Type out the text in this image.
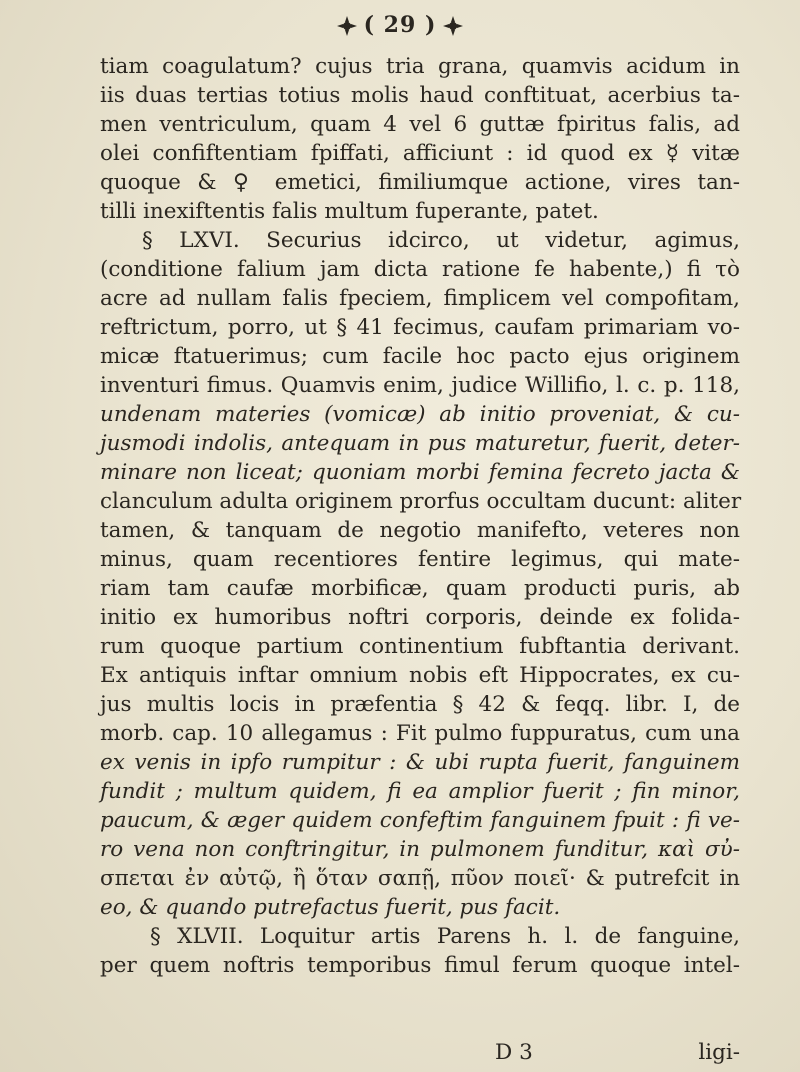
( 29 )
tiam coagulatum? cujus tria grana, quamvis acidum in
iis duas tertias totius molis haud conftituat, acerbius ta-
men ventriculum, quam 4 vel 6 guttæ fpiritus falis, ad
olei confiftentiam fpiffati, afficiunt : id quod ex ☿ vitæ
quoque & ♀ emetici, fimiliumque actione, vires tan-
tilli inexiftentis falis multum fuperante, patet.
§ LXVI. Securius idcirco, ut videtur, agimus,
(conditione falium jam dicta ratione fe habente,) fi τὸ
acre ad nullam falis fpeciem, fimplicem vel compofitam,
reftrictum, porro, ut § 41 fecimus, caufam primariam vo-
micæ ftatuerimus; cum facile hoc pacto ejus originem
inventuri fimus. Quamvis enim, judice Willifio, l. c. p. 118,
undenam materies (vomicæ) ab initio proveniat, & cu-
jusmodi indolis, antequam in pus maturetur, fuerit, deter-
minare non liceat; quoniam morbi femina fecreto jacta &
clanculum adulta originem prorfus occultam ducunt: aliter
tamen, & tanquam de negotio manifefto, veteres non
minus, quam recentiores fentire legimus, qui mate-
riam tam caufæ morbificæ, quam producti puris, ab
initio ex humoribus noftri corporis, deinde ex folida-
rum quoque partium continentium fubftantia derivant.
Ex antiquis inftar omnium nobis eft Hippocrates, ex cu-
jus multis locis in præfentia § 42 & feqq. libr. I, de
morb. cap. 10 allegamus : Fit pulmo fuppuratus, cum una
ex venis in ipfo rumpitur : & ubi rupta fuerit, fanguinem
fundit ; multum quidem, fi ea amplior fuerit ; fin minor,
paucum, & æger quidem confeftim fanguinem fpuit : fi ve-
ro vena non conftringitur, in pulmonem funditur, καὶ σὐ-
σπεται ἐν αὐτῷ, ἢ ὅταν σαπῇ, πῦον ποιεῖ· & putrefcit in
eo, & quando putrefactus fuerit, pus facit.
§ XLVII. Loquitur artis Parens h. l. de fanguine,
per quem noftris temporibus fimul ferum quoque intel-
D 3	ligi-
